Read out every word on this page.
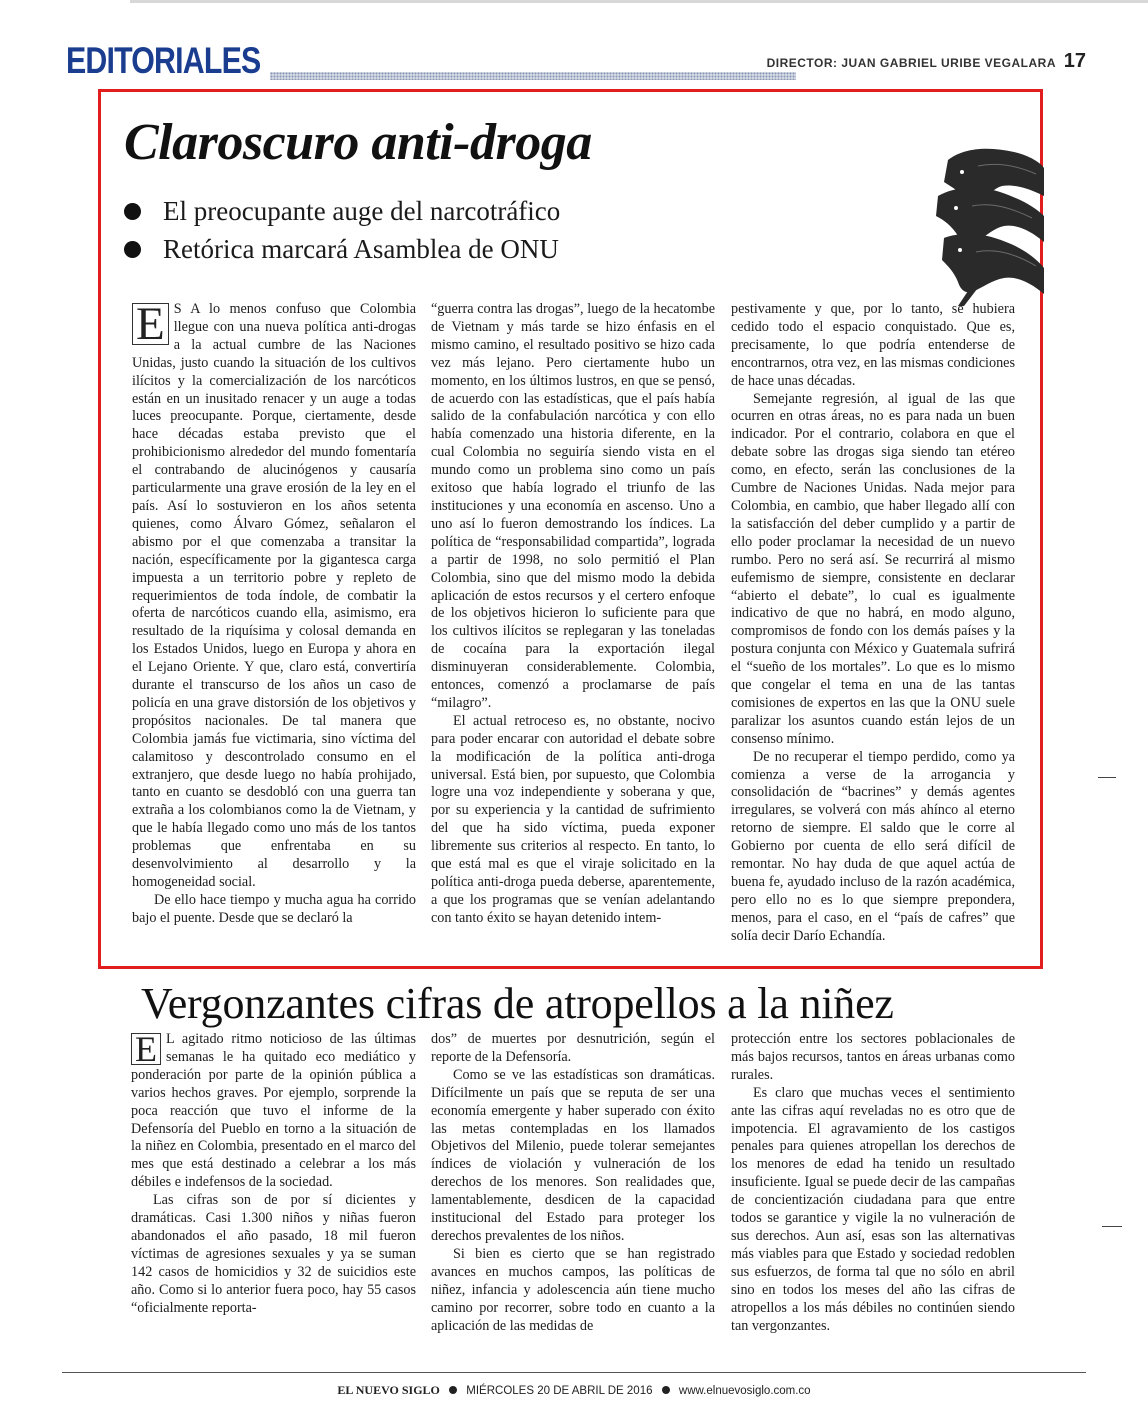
EDITORIALES	DIRECTOR: JUAN GABRIEL URIBE VEGALARA 17
Claroscuro anti-droga
El preocupante auge del narcotráfico
Retórica marcará Asamblea de ONU

E S A lo menos confuso que Colombia llegue con una nueva política anti-drogas a la actual cumbre de las Naciones Unidas, justo cuando la situación de los cultivos ilícitos y la comercialización de los narcóticos están en un inusitado renacer y un auge a todas luces preocupante. Porque, ciertamente, desde hace décadas estaba previsto que el prohibicionismo alrededor del mundo fomentaría el contrabando de alucinógenos y causaría particularmente una grave erosión de la ley en el país. Así lo sostuvieron en los años setenta quienes, como Álvaro Gómez, señalaron el abismo por el que comenzaba a transitar la nación, específicamente por la gigantesca carga impuesta a un territorio pobre y repleto de requerimientos de toda índole, de combatir la oferta de narcóticos cuando ella, asimismo, era resultado de la riquísima y colosal demanda en los Estados Unidos, luego en Europa y ahora en el Lejano Oriente. Y que, claro está, convertiría durante el transcurso de los años un caso de policía en una grave distorsión de los objetivos y propósitos nacionales. De tal manera que Colombia jamás fue victimaria, sino víctima del calamitoso y descontrolado consumo en el extranjero, que desde luego no había prohijado, tanto en cuanto se desdobló con una guerra tan extraña a los colombianos como la de Vietnam, y que le había llegado como uno más de los tantos problemas que enfrentaba en su desenvolvimiento al desarrollo y la homogeneidad social.

De ello hace tiempo y mucha agua ha corrido bajo el puente. Desde que se declaró la

“guerra contra las drogas”, luego de la hecatombe de Vietnam y más tarde se hizo énfasis en el mismo camino, el resultado positivo se hizo cada vez más lejano. Pero ciertamente hubo un momento, en los últimos lustros, en que se pensó, de acuerdo con las estadísticas, que el país había salido de la confabulación narcótica y con ello había comenzado una historia diferente, en la cual Colombia no seguiría siendo vista en el mundo como un problema sino como un país exitoso que había logrado el triunfo de las instituciones y una economía en ascenso. Uno a uno así lo fueron demostrando los índices. La política de “responsabilidad compartida”, lograda a partir de 1998, no solo permitió el Plan Colombia, sino que del mismo modo la debida aplicación de estos recursos y el certero enfoque de los objetivos hicieron lo suficiente para que los cultivos ilícitos se replegaran y las toneladas de cocaína para la exportación ilegal disminuyeran considerablemente. Colombia, entonces, comenzó a proclamarse de país “milagro”.

El actual retroceso es, no obstante, nocivo para poder encarar con autoridad el debate sobre la modificación de la política anti-droga universal. Está bien, por supuesto, que Colombia logre una voz independiente y soberana y que, por su experiencia y la cantidad de sufrimiento del que ha sido víctima, pueda exponer libremente sus criterios al respecto. En tanto, lo que está mal es que el viraje solicitado en la política anti-droga pueda deberse, aparentemente, a que los programas que se venían adelantando con tanto éxito se hayan detenido intem-

pestivamente y que, por lo tanto, se hubiera cedido todo el espacio conquistado. Que es, precisamente, lo que podría entenderse de encontrarnos, otra vez, en las mismas condiciones de hace unas décadas.

Semejante regresión, al igual de las que ocurren en otras áreas, no es para nada un buen indicador. Por el contrario, colabora en que el debate sobre las drogas siga siendo tan etéreo como, en efecto, serán las conclusiones de la Cumbre de Naciones Unidas. Nada mejor para Colombia, en cambio, que haber llegado allí con la satisfacción del deber cumplido y a partir de ello poder proclamar la necesidad de un nuevo rumbo. Pero no será así. Se recurrirá al mismo eufemismo de siempre, consistente en declarar “abierto el debate”, lo cual es igualmente indicativo de que no habrá, en modo alguno, compromisos de fondo con los demás países y la postura conjunta con México y Guatemala sufrirá el “sueño de los mortales”. Lo que es lo mismo que congelar el tema en una de las tantas comisiones de expertos en las que la ONU suele paralizar los asuntos cuando están lejos de un consenso mínimo.

De no recuperar el tiempo perdido, como ya comienza a verse de la arrogancia y consolidación de “bacrines” y demás agentes irregulares, se volverá con más ahínco al eterno retorno de siempre. El saldo que le corre al Gobierno por cuenta de ello será difícil de remontar. No hay duda de que aquel actúa de buena fe, ayudado incluso de la razón académica, pero ello no es lo que siempre prepondera, menos, para el caso, en el “país de cafres” que solía decir Darío Echandía.

Vergonzantes cifras de atropellos a la niñez

E L agitado ritmo noticioso de las últimas semanas le ha quitado eco mediático y ponderación por parte de la opinión pública a varios hechos graves. Por ejemplo, sorprende la poca reacción que tuvo el informe de la Defensoría del Pueblo en torno a la situación de la niñez en Colombia, presentado en el marco del mes que está destinado a celebrar a los más débiles e indefensos de la sociedad.

Las cifras son de por sí dicientes y dramáticas. Casi 1.300 niños y niñas fueron abandonados el año pasado, 18 mil fueron víctimas de agresiones sexuales y ya se suman 142 casos de homicidios y 32 de suicidios este año. Como si lo anterior fuera poco, hay 55 casos “oficialmente reporta-

dos” de muertes por desnutrición, según el reporte de la Defensoría.

Como se ve las estadísticas son dramáticas. Difícilmente un país que se reputa de ser una economía emergente y haber superado con éxito las metas contempladas en los llamados Objetivos del Milenio, puede tolerar semejantes índices de violación y vulneración de los derechos de los menores. Son realidades que, lamentablemente, desdicen de la capacidad institucional del Estado para proteger los derechos prevalentes de los niños.

Si bien es cierto que se han registrado avances en muchos campos, las políticas de niñez, infancia y adolescencia aún tiene mucho camino por recorrer, sobre todo en cuanto a la aplicación de las medidas de

protección entre los sectores poblacionales de más bajos recursos, tantos en áreas urbanas como rurales.

Es claro que muchas veces el sentimiento ante las cifras aquí reveladas no es otro que de impotencia. El agravamiento de los castigos penales para quienes atropellan los derechos de los menores de edad ha tenido un resultado insuficiente. Igual se puede decir de las campañas de concientización ciudadana para que entre todos se garantice y vigile la no vulneración de sus derechos. Aun así, esas son las alternativas más viables para que Estado y sociedad redoblen sus esfuerzos, de forma tal que no sólo en abril sino en todos los meses del año las cifras de atropellos a los más débiles no continúen siendo tan vergonzantes.

EL NUEVO SIGLO MIÉRCOLES 20 DE ABRIL DE 2016 www.elnuevosiglo.com.co
